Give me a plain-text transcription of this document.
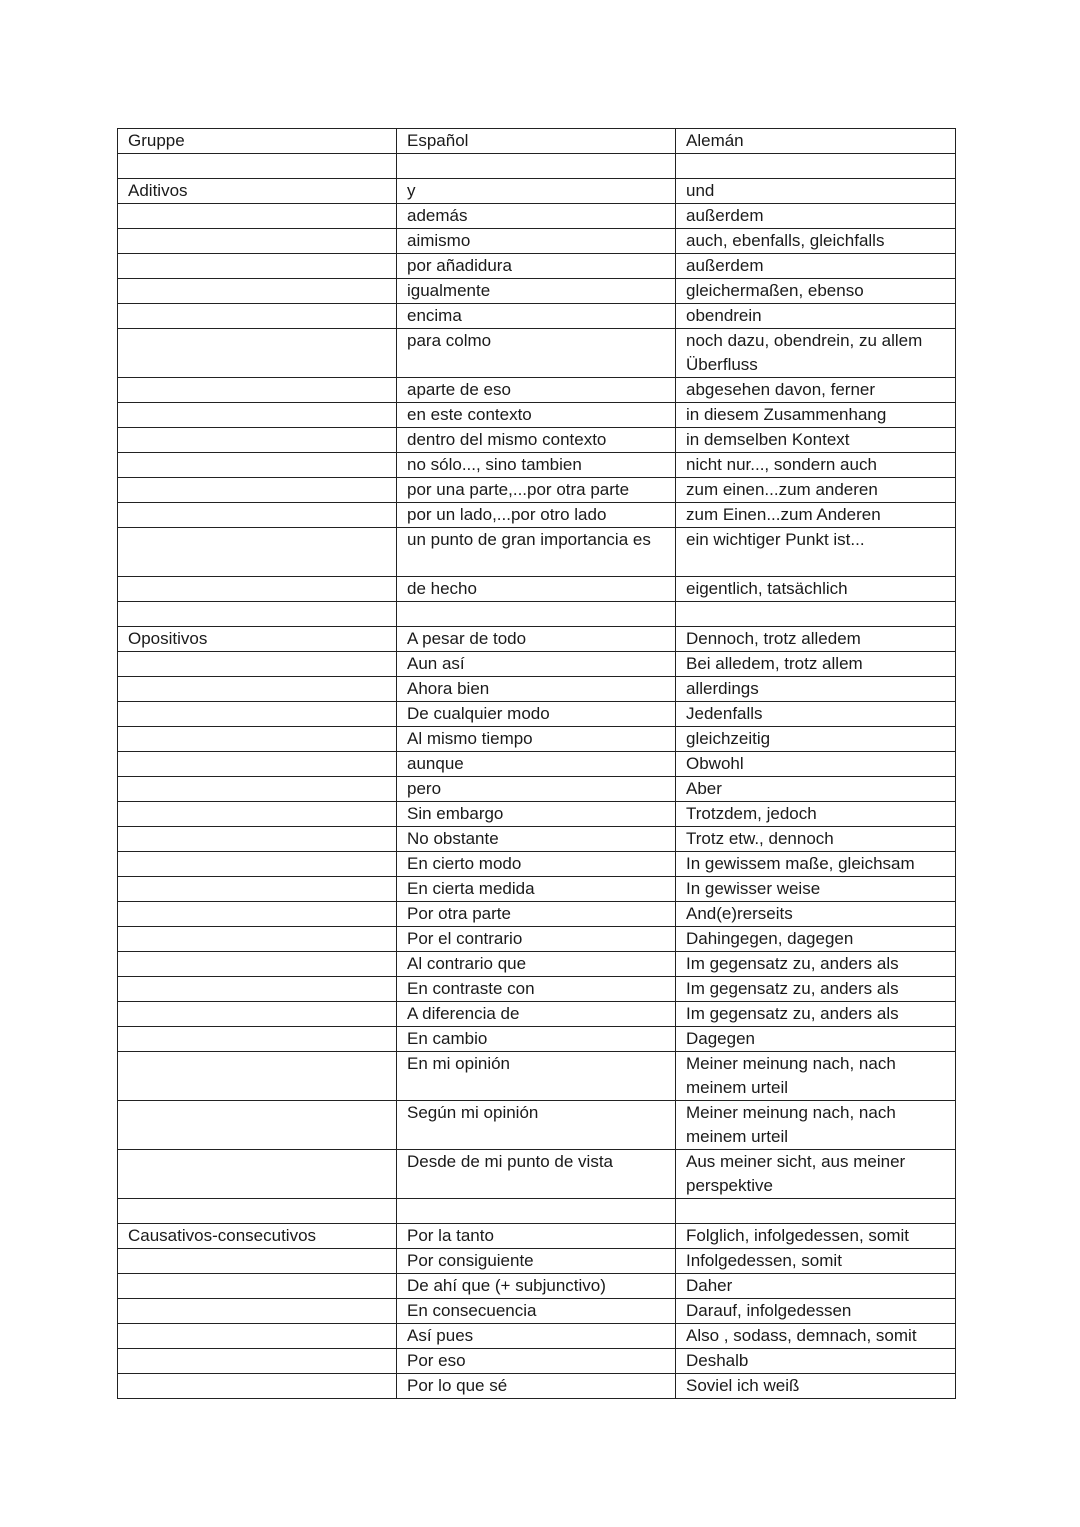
Gruppe	Español	Alemán

Aditivos	y	und
	además	außerdem
	aimismo	auch, ebenfalls, gleichfalls
	por añadidura	außerdem
	igualmente	gleichermaßen, ebenso
	encima	obendrein
	para colmo	noch dazu, obendrein, zu allem Überfluss
	aparte de eso	abgesehen davon, ferner
	en este contexto	in diesem Zusammenhang
	dentro del mismo contexto	in demselben Kontext
	no sólo..., sino tambien	nicht nur..., sondern auch
	por una parte,...por otra parte	zum einen...zum anderen
	por un lado,...por otro lado	zum Einen...zum Anderen
	un punto de gran importancia es	ein wichtiger Punkt ist...
	de hecho	eigentlich, tatsächlich

Opositivos	A pesar de todo	Dennoch, trotz alledem
	Aun así	Bei alledem, trotz allem
	Ahora bien	allerdings
	De cualquier modo	Jedenfalls
	Al mismo tiempo	gleichzeitig
	aunque	Obwohl
	pero	Aber
	Sin embargo	Trotzdem, jedoch
	No obstante	Trotz etw., dennoch
	En cierto modo	In gewissem maße, gleichsam
	En cierta medida	In gewisser weise
	Por otra parte	And(e)rerseits
	Por el contrario	Dahingegen, dagegen
	Al contrario que	Im gegensatz zu, anders als
	En contraste con	Im gegensatz zu, anders als
	A diferencia de	Im gegensatz zu, anders als
	En cambio	Dagegen
	En mi opinión	Meiner meinung nach, nach meinem urteil
	Según mi opinión	Meiner meinung nach, nach meinem urteil
	Desde de mi punto de vista	Aus meiner sicht, aus meiner perspektive

Causativos-consecutivos	Por la tanto	Folglich, infolgedessen, somit
	Por consiguiente	Infolgedessen, somit
	De ahí que (+ subjunctivo)	Daher
	En consecuencia	Darauf, infolgedessen
	Así pues	Also , sodass, demnach, somit
	Por eso	Deshalb
	Por lo que sé	Soviel ich weiß
